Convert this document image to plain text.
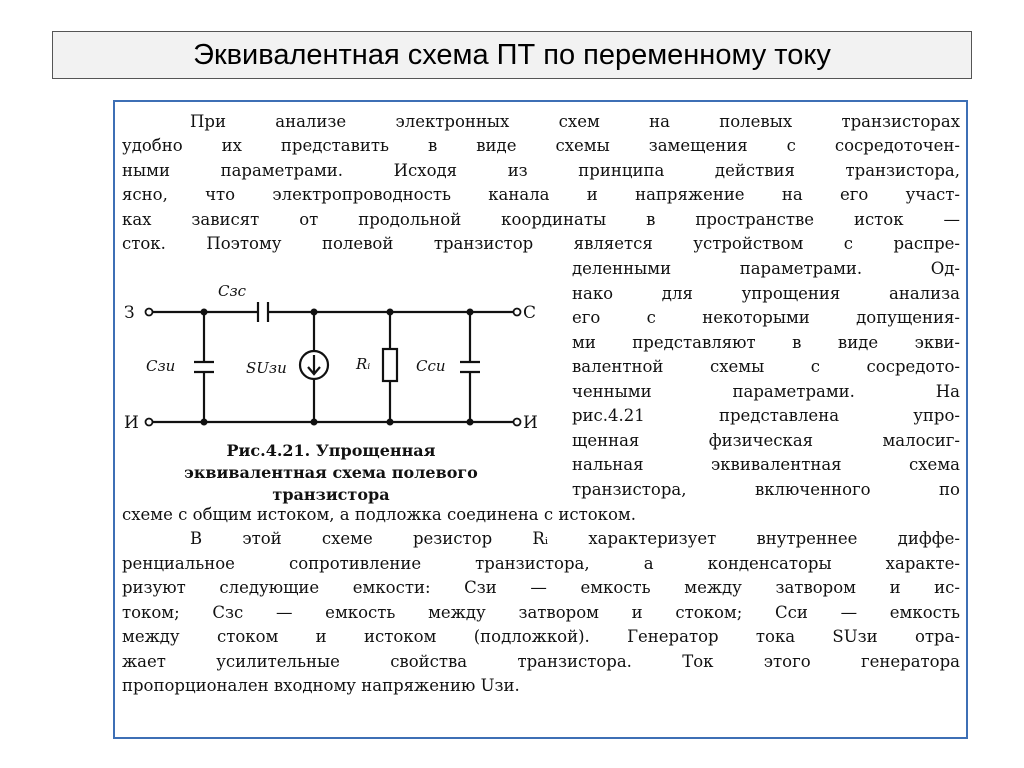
Эквивалентная схема ПТ по переменному току

При анализе электронных схем на полевых транзисторах

удобно их представить в виде схемы замещения с сосредоточен-

ными параметрами. Исходя из принципа действия транзистора,

ясно, что электропроводность канала и напряжение на его участ-

ках зависят от продольной координаты в пространстве исток —

сток. Поэтому полевой транзистор является устройством с распре-

деленными параметрами. Од-

нако для упрощения анализа

его с некоторыми допущения-

ми представляют в виде экви-

валентной схемы с сосредото-

ченными параметрами. На

рис.4.21 представлена упро-

щенная физическая малосиг-

нальная эквивалентная схема

транзистора, включенного по

схеме с общим истоком, а подложка соединена с истоком.

В этой схеме резистор Rᵢ характеризует внутреннее диффе-

ренциальное сопротивление транзистора, а конденсаторы характе-

ризуют следующие емкости: Cзи — емкость между затвором и ис-

током; Cзс — емкость между затвором и стоком; Cси — емкость

между стоком и истоком (подложкой). Генератор тока SUзи отра-

жает усилительные свойства транзистора. Ток этого генератора

пропорционален входному напряжению Uзи.

З
И
С
И
Cзс
Cзи	SUзи	Rᵢ	Cси
Рис.4.21. Упрощенная
эквивалентная схема полевого
транзистора
